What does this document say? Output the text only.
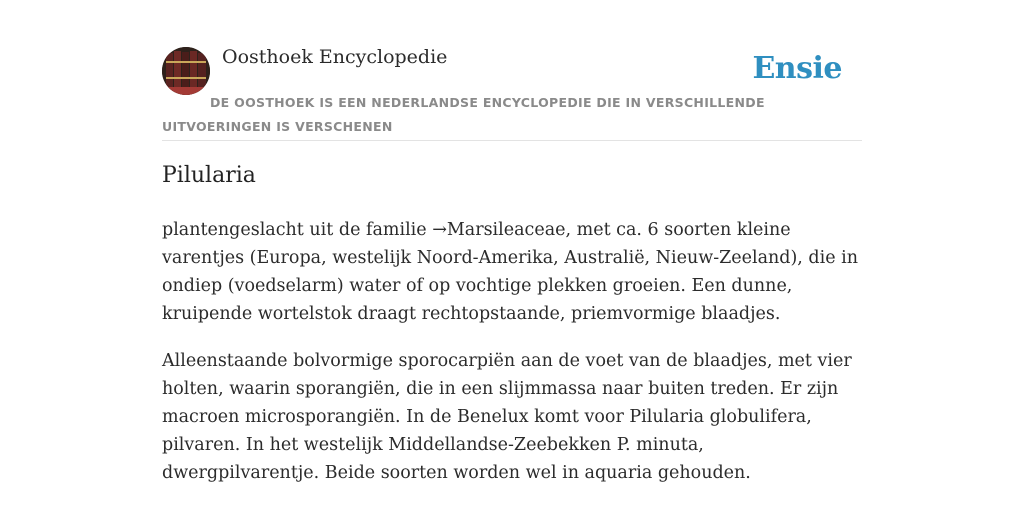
Oosthoek Encyclopedie	Ensie
DE OOSTHOEK IS EEN NEDERLANDSE ENCYCLOPEDIE DIE IN VERSCHILLENDE UITVOERINGEN IS VERSCHENEN
Pilularia

plantengeslacht uit de familie →Marsileaceae, met ca. 6 soorten kleine varentjes (Europa, westelijk Noord-Amerika, Australië, Nieuw-Zeeland), die in ondiep (voedselarm) water of op vochtige plekken groeien. Een dunne, kruipende wortelstok draagt rechtopstaande, priemvormige blaadjes.

Alleenstaande bolvormige sporocarpiën aan de voet van de blaadjes, met vier holten, waarin sporangiën, die in een slijmmassa naar buiten treden. Er zijn macroen microsporangiën. In de Benelux komt voor Pilularia globulifera, pilvaren. In het westelijk Middellandse-Zeebekken P. minuta, dwergpilvarentje. Beide soorten worden wel in aquaria gehouden.
